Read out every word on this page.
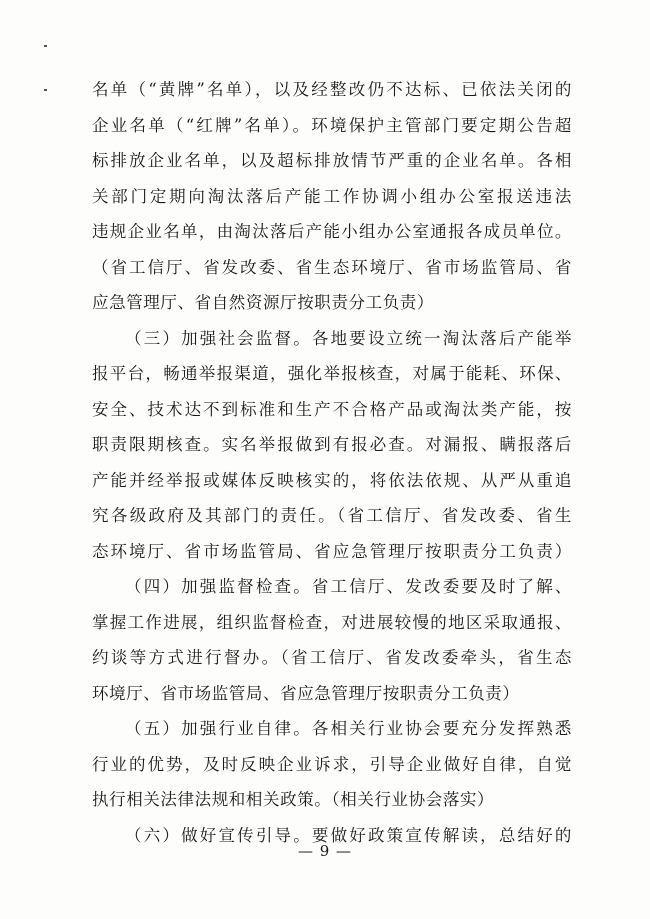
名单（“黄牌”名单），以及经整改仍不达标、已依法关闭的
企业名单（“红牌”名单）。环境保护主管部门要定期公告超
标排放企业名单，以及超标排放情节严重的企业名单。各相
关部门定期向淘汰落后产能工作协调小组办公室报送违法
违规企业名单，由淘汰落后产能小组办公室通报各成员单位。
（省工信厅、省发改委、省生态环境厅、省市场监管局、省
应急管理厅、省自然资源厅按职责分工负责）
（三）加强社会监督。各地要设立统一淘汰落后产能举
报平台，畅通举报渠道，强化举报核查，对属于能耗、环保、
安全、技术达不到标准和生产不合格产品或淘汰类产能，按
职责限期核查。实名举报做到有报必查。对漏报、瞒报落后
产能并经举报或媒体反映核实的，将依法依规、从严从重追
究各级政府及其部门的责任。（省工信厅、省发改委、省生
态环境厅、省市场监管局、省应急管理厅按职责分工负责）
（四）加强监督检查。省工信厅、发改委要及时了解、
掌握工作进展，组织监督检查，对进展较慢的地区采取通报、
约谈等方式进行督办。（省工信厅、省发改委牵头，省生态
环境厅、省市场监管局、省应急管理厅按职责分工负责）
（五）加强行业自律。各相关行业协会要充分发挥熟悉
行业的优势，及时反映企业诉求，引导企业做好自律，自觉
执行相关法律法规和相关政策。（相关行业协会落实）
（六）做好宣传引导。要做好政策宣传解读，总结好的
— 9 —
